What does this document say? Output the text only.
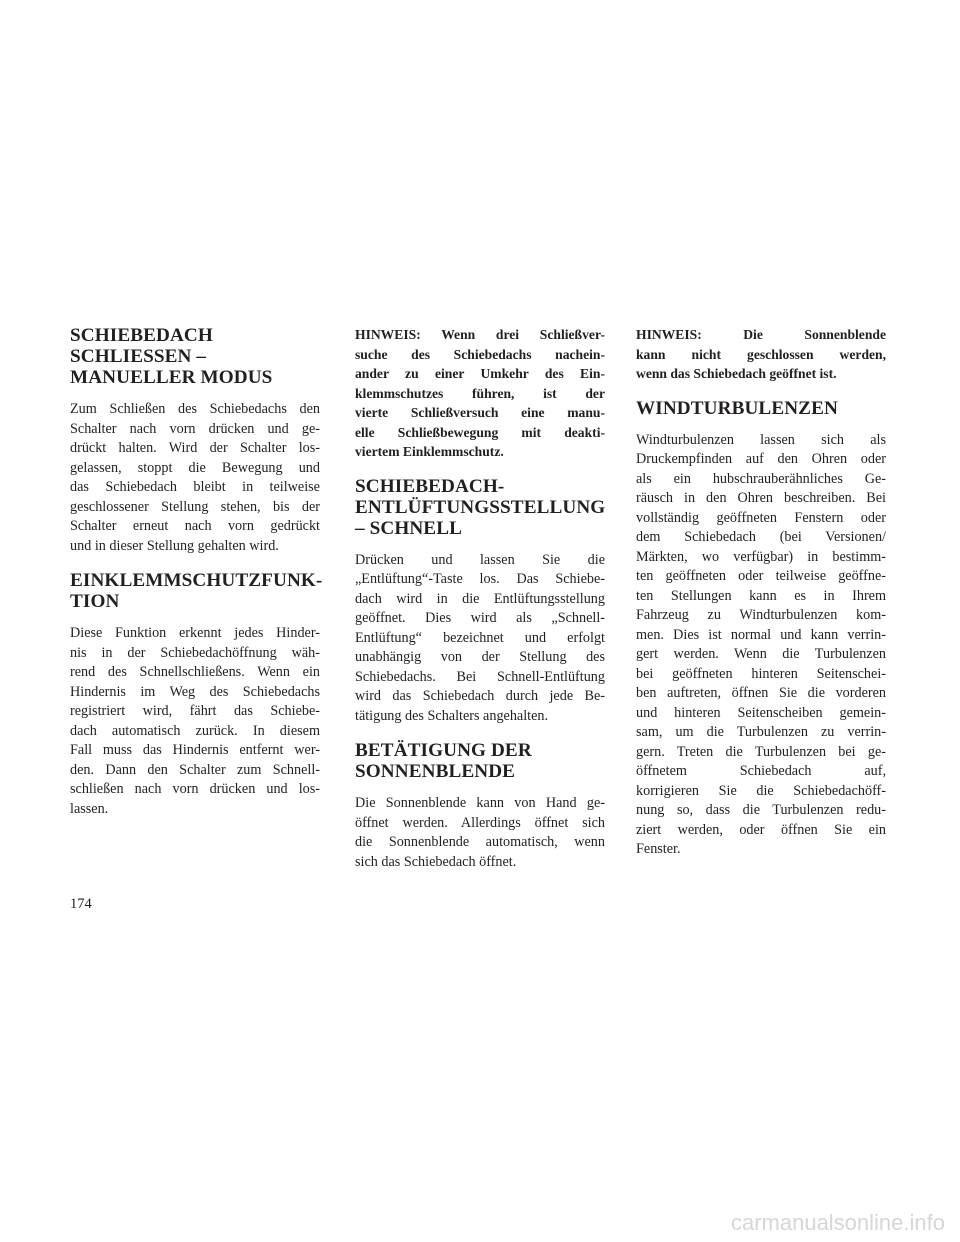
SCHIEBEDACH
SCHLIESSEN –
MANUELLER MODUS
Zum Schließen des Schiebedachs den
Schalter nach vorn drücken und ge-
drückt halten. Wird der Schalter los-
gelassen, stoppt die Bewegung und
das Schiebedach bleibt in teilweise
geschlossener Stellung stehen, bis der
Schalter erneut nach vorn gedrückt
und in dieser Stellung gehalten wird.
EINKLEMMSCHUTZFUNK-
TION
Diese Funktion erkennt jedes Hinder-
nis in der Schiebedachöffnung wäh-
rend des Schnellschließens. Wenn ein
Hindernis im Weg des Schiebedachs
registriert wird, fährt das Schiebe-
dach automatisch zurück. In diesem
Fall muss das Hindernis entfernt wer-
den. Dann den Schalter zum Schnell-
schließen nach vorn drücken und los-
lassen.
HINWEIS: Wenn drei Schließver-
suche des Schiebedachs nachein-
ander zu einer Umkehr des Ein-
klemmschutzes führen, ist der
vierte Schließversuch eine manu-
elle Schließbewegung mit deakti-
viertem Einklemmschutz.
SCHIEBEDACH-
ENTLÜFTUNGSSTELLUNG
– SCHNELL
Drücken und lassen Sie die
„Entlüftung“-Taste los. Das Schiebe-
dach wird in die Entlüftungsstellung
geöffnet. Dies wird als „Schnell-
Entlüftung“ bezeichnet und erfolgt
unabhängig von der Stellung des
Schiebedachs. Bei Schnell-Entlüftung
wird das Schiebedach durch jede Be-
tätigung des Schalters angehalten.
BETÄTIGUNG DER
SONNENBLENDE
Die Sonnenblende kann von Hand ge-
öffnet werden. Allerdings öffnet sich
die Sonnenblende automatisch, wenn
sich das Schiebedach öffnet.
HINWEIS: Die Sonnenblende
kann nicht geschlossen werden,
wenn das Schiebedach geöffnet ist.
WINDTURBULENZEN
Windturbulenzen lassen sich als
Druckempfinden auf den Ohren oder
als ein hubschrauberähnliches Ge-
räusch in den Ohren beschreiben. Bei
vollständig geöffneten Fenstern oder
dem Schiebedach (bei Versionen/
Märkten, wo verfügbar) in bestimm-
ten geöffneten oder teilweise geöffne-
ten Stellungen kann es in Ihrem
Fahrzeug zu Windturbulenzen kom-
men. Dies ist normal und kann verrin-
gert werden. Wenn die Turbulenzen
bei geöffneten hinteren Seitenschei-
ben auftreten, öffnen Sie die vorderen
und hinteren Seitenscheiben gemein-
sam, um die Turbulenzen zu verrin-
gern. Treten die Turbulenzen bei ge-
öffnetem Schiebedach auf,
korrigieren Sie die Schiebedachöff-
nung so, dass die Turbulenzen redu-
ziert werden, oder öffnen Sie ein
Fenster.
174
carmanualsonline.info
